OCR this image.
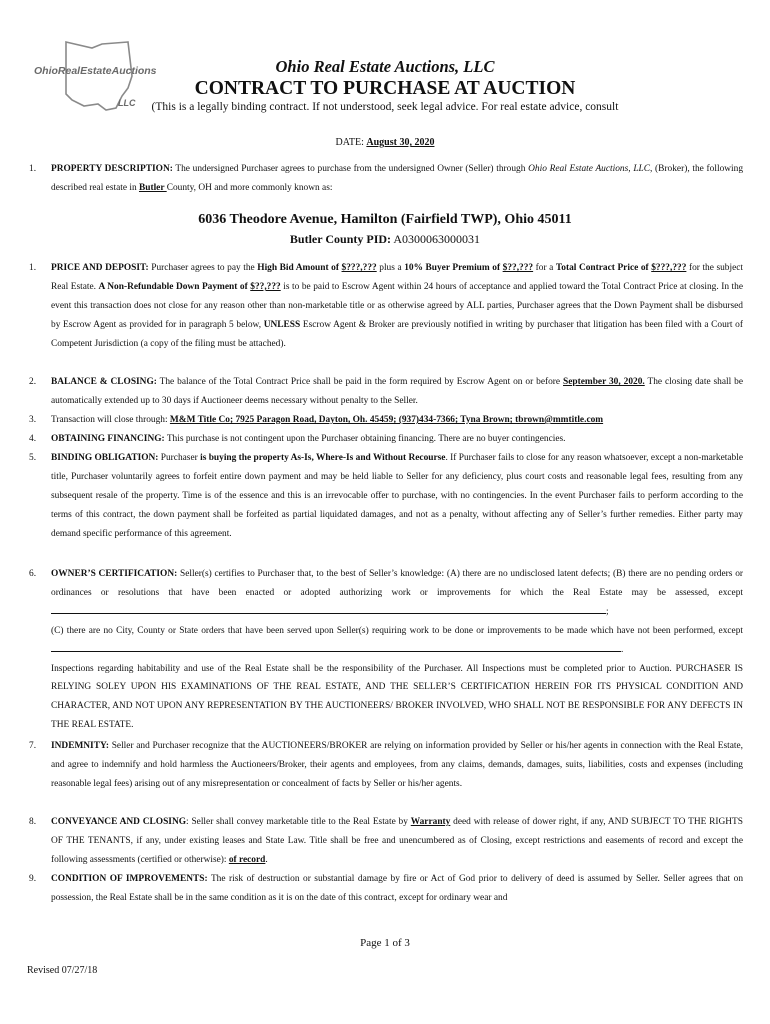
OhioRealEstateAuctions
LLC
Ohio Real Estate Auctions, LLC
CONTRACT TO PURCHASE AT AUCTION
(This is a legally binding contract. If not understood, seek legal advice. For real estate advice, consult
DATE: August 30, 2020
1. PROPERTY DESCRIPTION: The undersigned Purchaser agrees to purchase from the undersigned Owner (Seller) through Ohio Real Estate Auctions, LLC, (Broker), the following described real estate in Butler County, OH and more commonly known as:
6036 Theodore Avenue, Hamilton (Fairfield TWP), Ohio 45011
Butler County PID: A0300063000031
1. PRICE AND DEPOSIT: Purchaser agrees to pay the High Bid Amount of $???,??? plus a 10% Buyer Premium of $??,??? for a Total Contract Price of $???,??? for the subject Real Estate. A Non-Refundable Down Payment of $??,??? is to be paid to Escrow Agent within 24 hours of acceptance and applied toward the Total Contract Price at closing. In the event this transaction does not close for any reason other than non-marketable title or as otherwise agreed by ALL parties, Purchaser agrees that the Down Payment shall be disbursed by Escrow Agent as provided for in paragraph 5 below, UNLESS Escrow Agent & Broker are previously notified in writing by purchaser that litigation has been filed with a Court of Competent Jurisdiction (a copy of the filing must be attached).
2. BALANCE & CLOSING: The balance of the Total Contract Price shall be paid in the form required by Escrow Agent on or before September 30, 2020. The closing date shall be automatically extended up to 30 days if Auctioneer deems necessary without penalty to the Seller.
3. Transaction will close through: M&M Title Co; 7925 Paragon Road, Dayton, Oh. 45459; (937)434-7366; Tyna Brown; tbrown@mmtitle.com
4. OBTAINING FINANCING: This purchase is not contingent upon the Purchaser obtaining financing. There are no buyer contingencies.
5. BINDING OBLIGATION: Purchaser is buying the property As-Is, Where-Is and Without Recourse. If Purchaser fails to close for any reason whatsoever, except a non-marketable title, Purchaser voluntarily agrees to forfeit entire down payment and may be held liable to Seller for any deficiency, plus court costs and reasonable legal fees, resulting from any subsequent resale of the property. Time is of the essence and this is an irrevocable offer to purchase, with no contingencies. In the event Purchaser fails to perform according to the terms of this contract, the down payment shall be forfeited as partial liquidated damages, and not as a penalty, without affecting any of Seller’s further remedies. Either party may demand specific performance of this agreement.
6. OWNER’S CERTIFICATION: Seller(s) certifies to Purchaser that, to the best of Seller’s knowledge: (A) there are no undisclosed latent defects; (B) there are no pending orders or ordinances or resolutions that have been enacted or adopted authorizing work or improvements for which the Real Estate may be assessed, except ;
(C) there are no City, County or State orders that have been served upon Seller(s) requiring work to be done or improvements to be made which have not been performed, except .
Inspections regarding habitability and use of the Real Estate shall be the responsibility of the Purchaser. All Inspections must be completed prior to Auction. PURCHASER IS RELYING SOLEY UPON HIS EXAMINATIONS OF THE REAL ESTATE, AND THE SELLER’S CERTIFICATION HEREIN FOR ITS PHYSICAL CONDITION AND CHARACTER, AND NOT UPON ANY REPRESENTATION BY THE AUCTIONEERS/ BROKER INVOLVED, WHO SHALL NOT BE RESPONSIBLE FOR ANY DEFECTS IN THE REAL ESTATE.
7. INDEMNITY: Seller and Purchaser recognize that the AUCTIONEERS/BROKER are relying on information provided by Seller or his/her agents in connection with the Real Estate, and agree to indemnify and hold harmless the Auctioneers/Broker, their agents and employees, from any claims, demands, damages, suits, liabilities, costs and expenses (including reasonable legal fees) arising out of any misrepresentation or concealment of facts by Seller or his/her agents.
8. CONVEYANCE AND CLOSING: Seller shall convey marketable title to the Real Estate by Warranty deed with release of dower right, if any, AND SUBJECT TO THE RIGHTS OF THE TENANTS, if any, under existing leases and State Law. Title shall be free and unencumbered as of Closing, except restrictions and easements of record and except the following assessments (certified or otherwise): of record.
9. CONDITION OF IMPROVEMENTS: The risk of destruction or substantial damage by fire or Act of God prior to delivery of deed is assumed by Seller. Seller agrees that on possession, the Real Estate shall be in the same condition as it is on the date of this contract, except for ordinary wear and
Page 1 of 3
Revised 07/27/18
